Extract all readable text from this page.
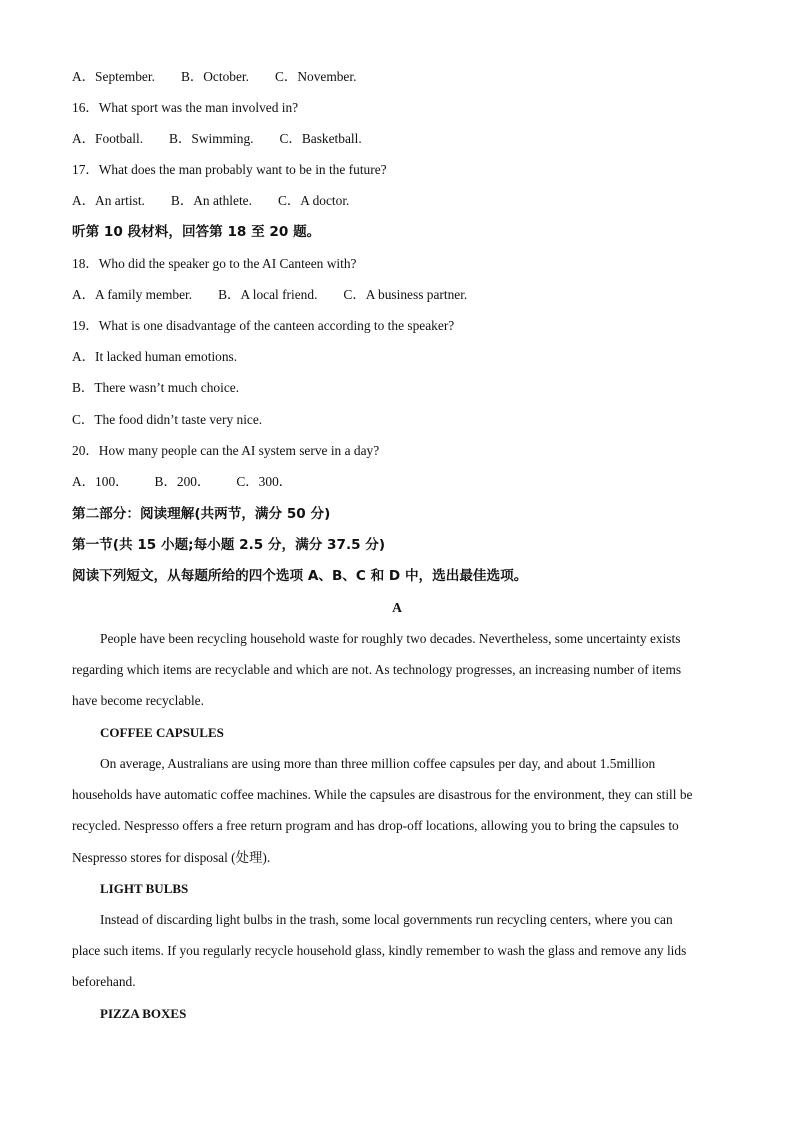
A．September. B．October. C．November.
16．What sport was the man involved in?
A．Football. B．Swimming. C．Basketball.
17．What does the man probably want to be in the future?
A．An artist. B．An athlete. C．A doctor.
听第 10 段材料，回答第 18 至 20 题。
18．Who did the speaker go to the AI Canteen with?
A．A family member. B．A local friend. C．A business partner.
19．What is one disadvantage of the canteen according to the speaker?
A．It lacked human emotions.
B．There wasn’t much choice.
C．The food didn’t taste very nice.
20．How many people can the AI system serve in a day?
A．100． B．200． C．300．
第二部分：阅读理解(共两节，满分 50 分)
第一节(共 15 小题;每小题 2.5 分，满分 37.5 分)
阅读下列短文，从每题所给的四个选项 A、B、C 和 D 中，选出最佳选项。
A
People have been recycling household waste for roughly two decades. Nevertheless, some uncertainty exists
regarding which items are recyclable and which are not. As technology progresses, an increasing number of items
have become recyclable.
COFFEE CAPSULES
On average, Australians are using more than three million coffee capsules per day, and about 1.5million
households have automatic coffee machines. While the capsules are disastrous for the environment, they can still be
recycled. Nespresso offers a free return program and has drop-off locations, allowing you to bring the capsules to
Nespresso stores for disposal (处理).
LIGHT BULBS
Instead of discarding light bulbs in the trash, some local governments run recycling centers, where you can
place such items. If you regularly recycle household glass, kindly remember to wash the glass and remove any lids
beforehand.
PIZZA BOXES
